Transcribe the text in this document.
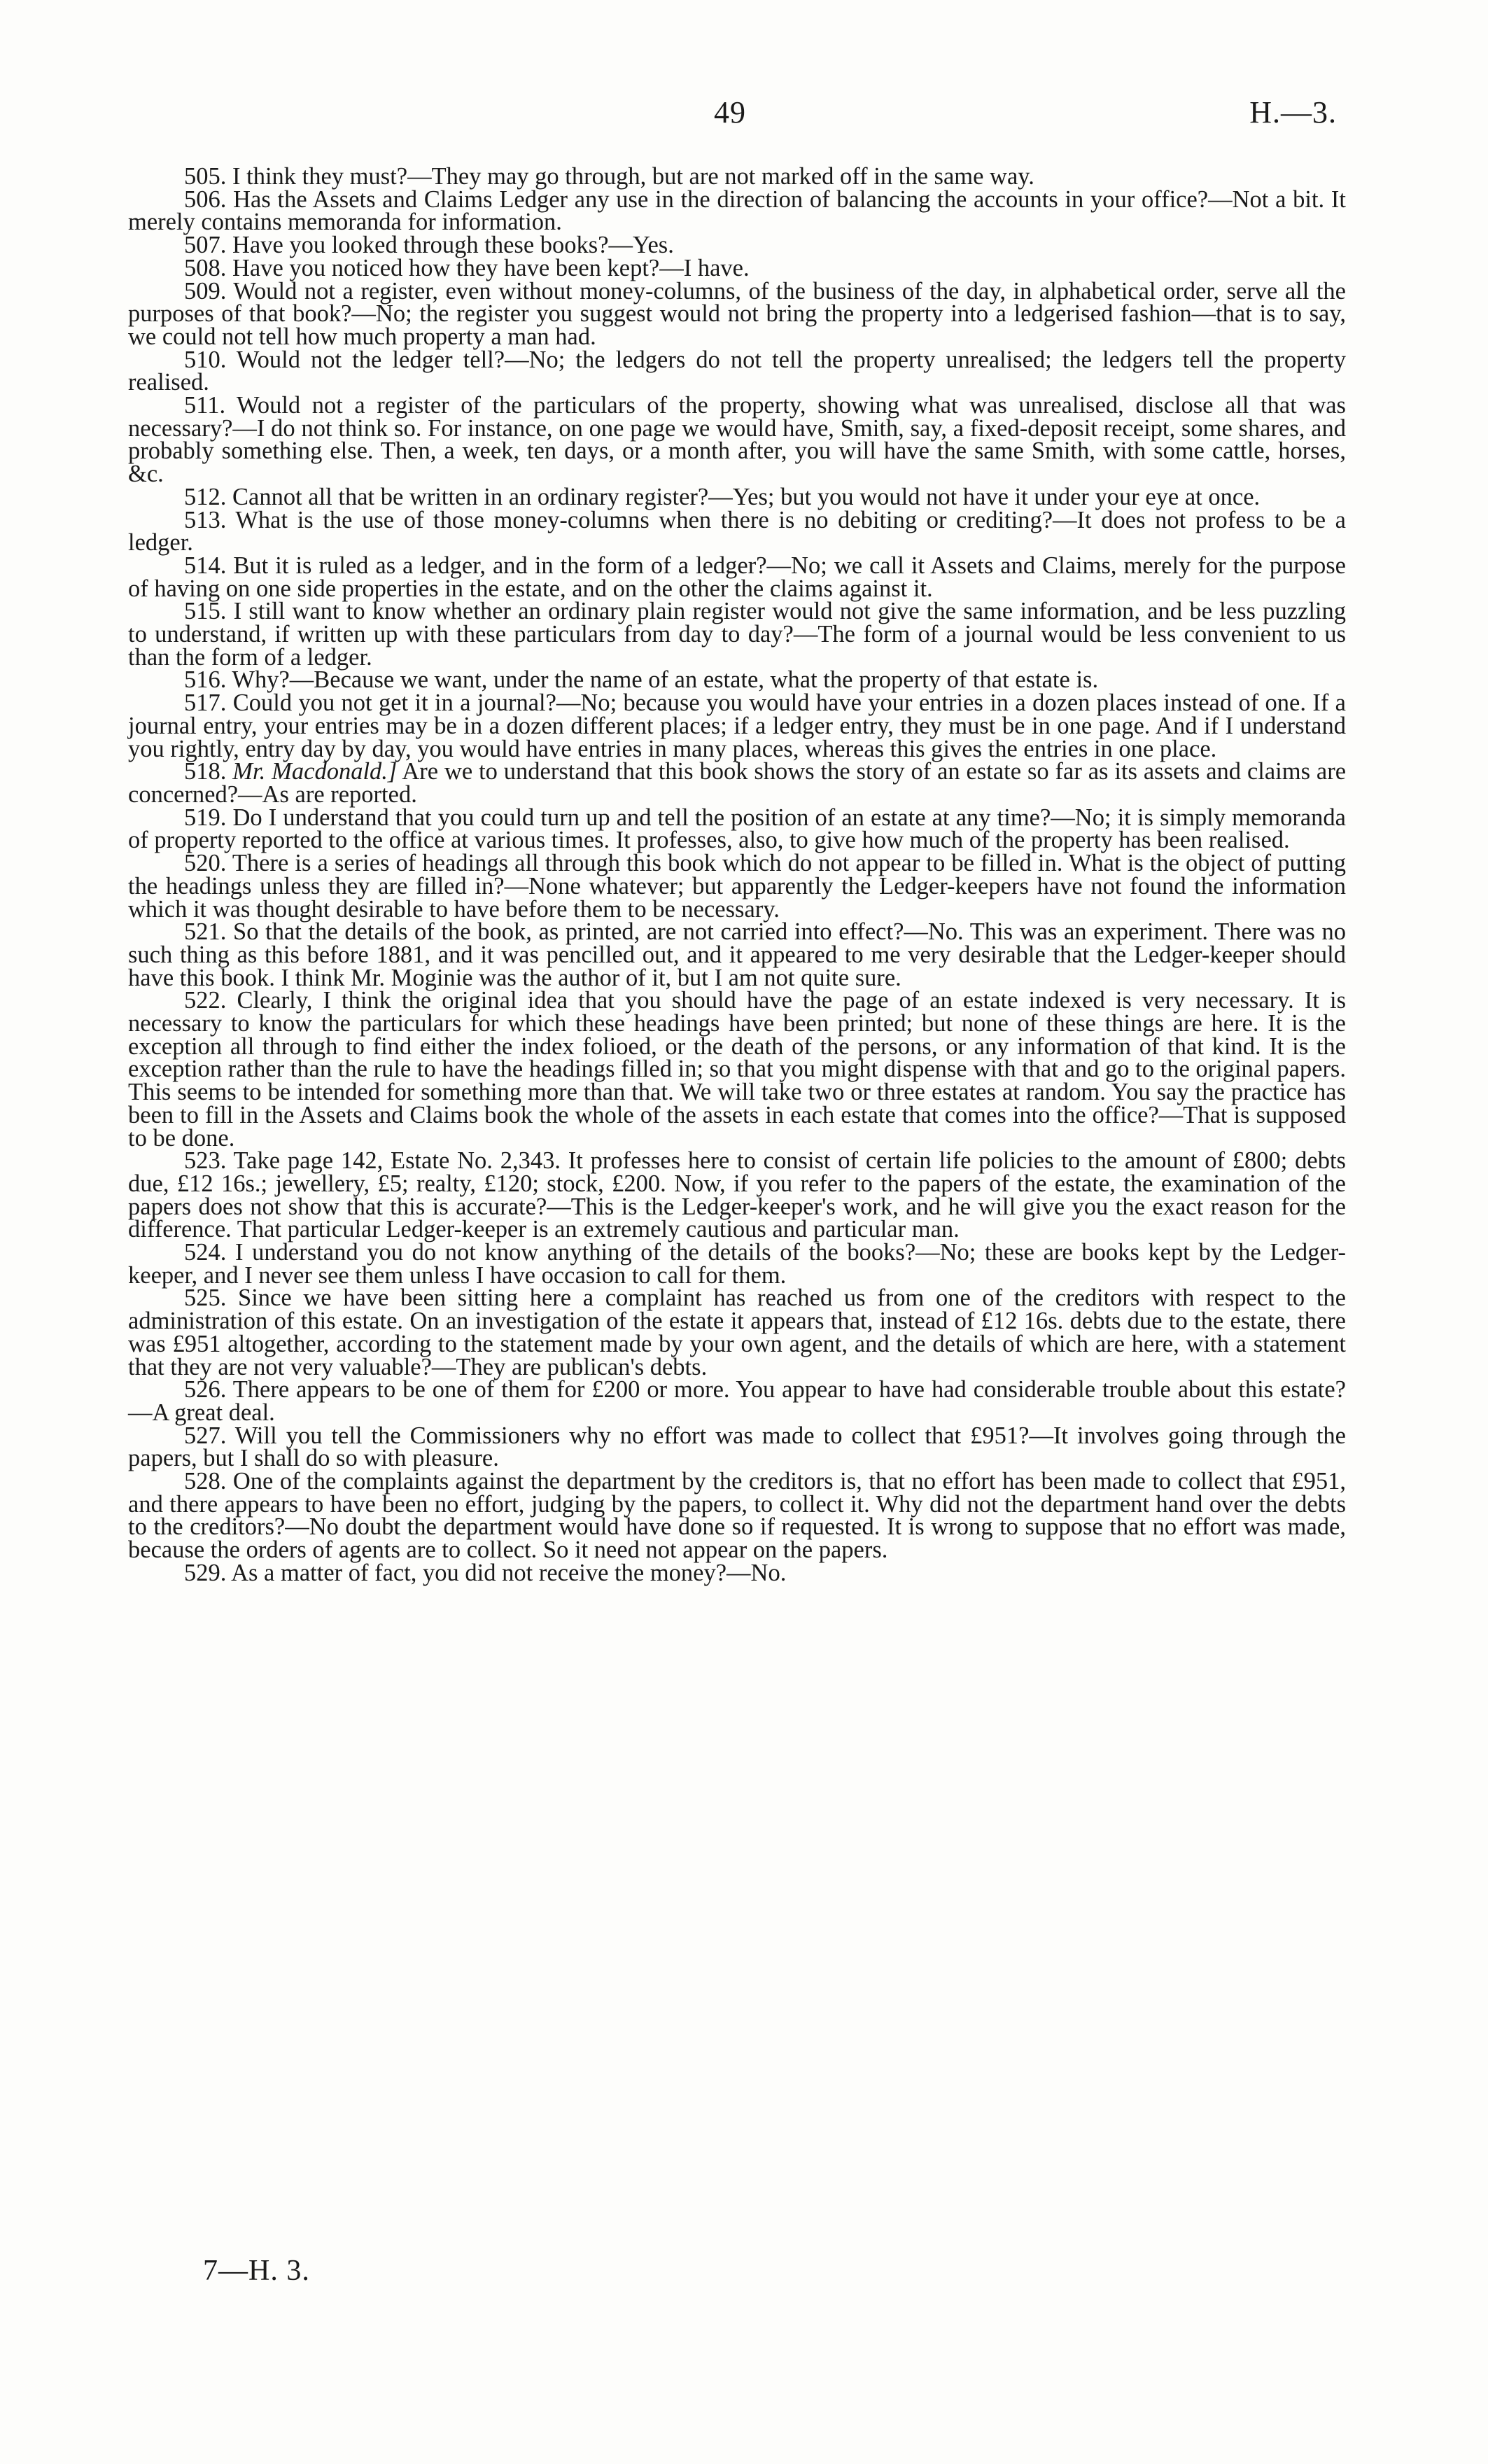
49	H.—3.

505. I think they must?—They may go through, but are not marked off in the same way.

506. Has the Assets and Claims Ledger any use in the direction of balancing the accounts in your office?—Not a bit. It merely contains memoranda for information.

507. Have you looked through these books?—Yes.

508. Have you noticed how they have been kept?—I have.

509. Would not a register, even without money-columns, of the business of the day, in alphabetical order, serve all the purposes of that book?—No; the register you suggest would not bring the property into a ledgerised fashion—that is to say, we could not tell how much property a man had.

510. Would not the ledger tell?—No; the ledgers do not tell the property unrealised; the ledgers tell the property realised.

511. Would not a register of the particulars of the property, showing what was unrealised, disclose all that was necessary?—I do not think so. For instance, on one page we would have, Smith, say, a fixed-deposit receipt, some shares, and probably something else. Then, a week, ten days, or a month after, you will have the same Smith, with some cattle, horses, &c.

512. Cannot all that be written in an ordinary register?—Yes; but you would not have it under your eye at once.

513. What is the use of those money-columns when there is no debiting or crediting?—It does not profess to be a ledger.

514. But it is ruled as a ledger, and in the form of a ledger?—No; we call it Assets and Claims, merely for the purpose of having on one side properties in the estate, and on the other the claims against it.

515. I still want to know whether an ordinary plain register would not give the same information, and be less puzzling to understand, if written up with these particulars from day to day?—The form of a journal would be less convenient to us than the form of a ledger.

516. Why?—Because we want, under the name of an estate, what the property of that estate is.

517. Could you not get it in a journal?—No; because you would have your entries in a dozen places instead of one. If a journal entry, your entries may be in a dozen different places; if a ledger entry, they must be in one page. And if I understand you rightly, entry day by day, you would have entries in many places, whereas this gives the entries in one place.

518. Mr. Macdonald.] Are we to understand that this book shows the story of an estate so far as its assets and claims are concerned?—As are reported.

519. Do I understand that you could turn up and tell the position of an estate at any time?—No; it is simply memoranda of property reported to the office at various times. It professes, also, to give how much of the property has been realised.

520. There is a series of headings all through this book which do not appear to be filled in. What is the object of putting the headings unless they are filled in?—None whatever; but apparently the Ledger-keepers have not found the information which it was thought desirable to have before them to be necessary.

521. So that the details of the book, as printed, are not carried into effect?—No. This was an experiment. There was no such thing as this before 1881, and it was pencilled out, and it appeared to me very desirable that the Ledger-keeper should have this book. I think Mr. Moginie was the author of it, but I am not quite sure.

522. Clearly, I think the original idea that you should have the page of an estate indexed is very necessary. It is necessary to know the particulars for which these headings have been printed; but none of these things are here. It is the exception all through to find either the index folioed, or the death of the persons, or any information of that kind. It is the exception rather than the rule to have the headings filled in; so that you might dispense with that and go to the original papers. This seems to be intended for something more than that. We will take two or three estates at random. You say the practice has been to fill in the Assets and Claims book the whole of the assets in each estate that comes into the office?—That is supposed to be done.

523. Take page 142, Estate No. 2,343. It professes here to consist of certain life policies to the amount of £800; debts due, £12 16s.; jewellery, £5; realty, £120; stock, £200. Now, if you refer to the papers of the estate, the examination of the papers does not show that this is accurate?—This is the Ledger-keeper's work, and he will give you the exact reason for the difference. That particular Ledger-keeper is an extremely cautious and particular man.

524. I understand you do not know anything of the details of the books?—No; these are books kept by the Ledger-keeper, and I never see them unless I have occasion to call for them.

525. Since we have been sitting here a complaint has reached us from one of the creditors with respect to the administration of this estate. On an investigation of the estate it appears that, instead of £12 16s. debts due to the estate, there was £951 altogether, according to the statement made by your own agent, and the details of which are here, with a statement that they are not very valuable?—They are publican's debts.

526. There appears to be one of them for £200 or more. You appear to have had considerable trouble about this estate?—A great deal.

527. Will you tell the Commissioners why no effort was made to collect that £951?—It involves going through the papers, but I shall do so with pleasure.

528. One of the complaints against the department by the creditors is, that no effort has been made to collect that £951, and there appears to have been no effort, judging by the papers, to collect it. Why did not the department hand over the debts to the creditors?—No doubt the department would have done so if requested. It is wrong to suppose that no effort was made, because the orders of agents are to collect. So it need not appear on the papers.

529. As a matter of fact, you did not receive the money?—No.

7—H. 3.
